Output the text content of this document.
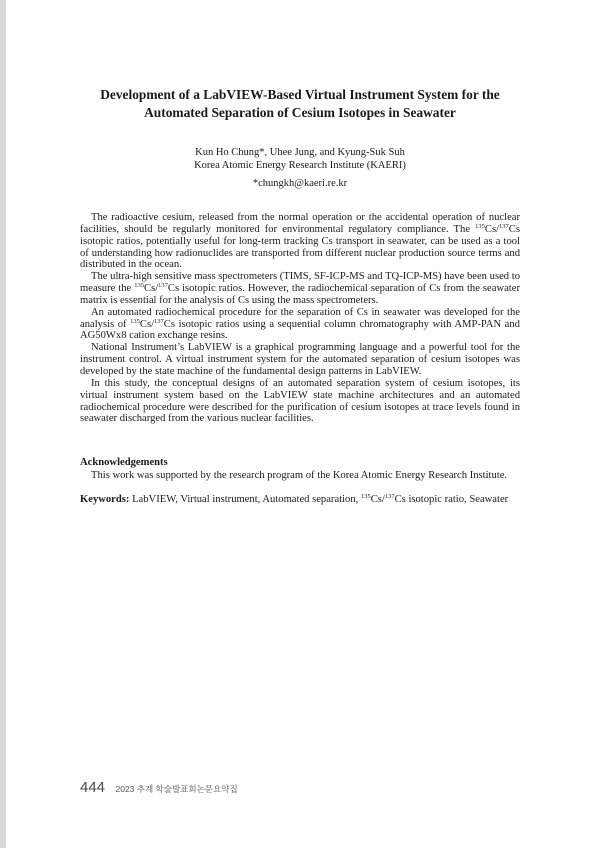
Development of a LabVIEW-Based Virtual Instrument System for the
Automated Separation of Cesium Isotopes in Seawater

Kun Ho Chung*, Uhee Jung, and Kyung-Suk Suh

Korea Atomic Energy Research Institute (KAERI)

*chungkh@kaeri.re.kr

The radioactive cesium, released from the normal operation or the accidental operation of nuclear facilities, should be regularly monitored for environmental regulatory compliance. The $^{135}$Cs/$^{137}$Cs isotopic ratios, potentially useful for long-term tracking Cs transport in seawater, can be used as a tool of understanding how radionuclides are transported from different nuclear production source terms and distributed in the ocean.

The ultra-high sensitive mass spectrometers (TIMS, SF-ICP-MS and TQ-ICP-MS) have been used to measure the $^{135}$Cs/$^{137}$Cs isotopic ratios. However, the radiochemical separation of Cs from the seawater matrix is essential for the analysis of Cs using the mass spectrometers.

An automated radiochemical procedure for the separation of Cs in seawater was developed for the analysis of $^{135}$Cs/$^{137}$Cs isotopic ratios using a sequential column chromatography with AMP-PAN and AG50Wx8 cation exchange resins.

National Instrument’s LabVIEW is a graphical programming language and a powerful tool for the instrument control. A virtual instrument system for the automated separation of cesium isotopes was developed by the state machine of the fundamental design patterns in LabVIEW.

In this study, the conceptual designs of an automated separation system of cesium isotopes, its virtual instrument system based on the LabVIEW state machine architectures and an automated radiochemical procedure were described for the purification of cesium isotopes at trace levels found in seawater discharged from the various nuclear facilities.

Acknowledgements

This work was supported by the research program of the Korea Atomic Energy Research Institute.

Keywords: LabVIEW, Virtual instrument, Automated separation, $^{135}$Cs/$^{137}$Cs isotopic ratio, Seawater

444 2023 추계 학술발표회논문요약집
